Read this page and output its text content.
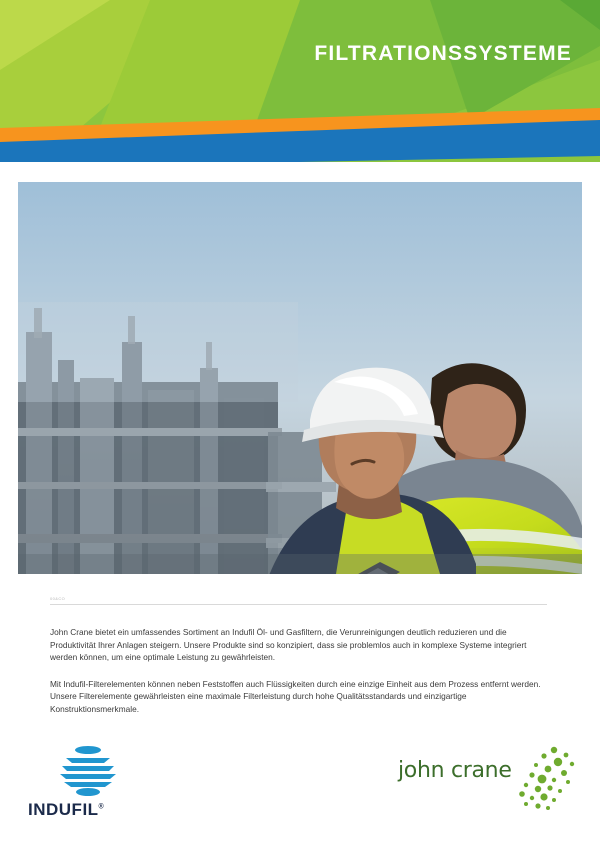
FILTRATIONSSYSTEME
00&CO

John Crane bietet ein umfassendes Sortiment an Indufil Öl- und Gasfiltern, die Verunreinigungen deutlich reduzieren und die Produktivität Ihrer Anlagen steigern. Unsere Produkte sind so konzipiert, dass sie problemlos auch in komplexe Systeme integriert werden können, um eine optimale Leistung zu gewährleisten.

Mit Indufil-Filterelementen können neben Feststoffen auch Flüssigkeiten durch eine einzige Einheit aus dem Prozess entfernt werden. Unsere Filterelemente gewährleisten eine maximale Filterleistung durch hohe Qualitätsstandards und einzigartige Konstruktionsmerkmale.

INDUFIL®
john crane
